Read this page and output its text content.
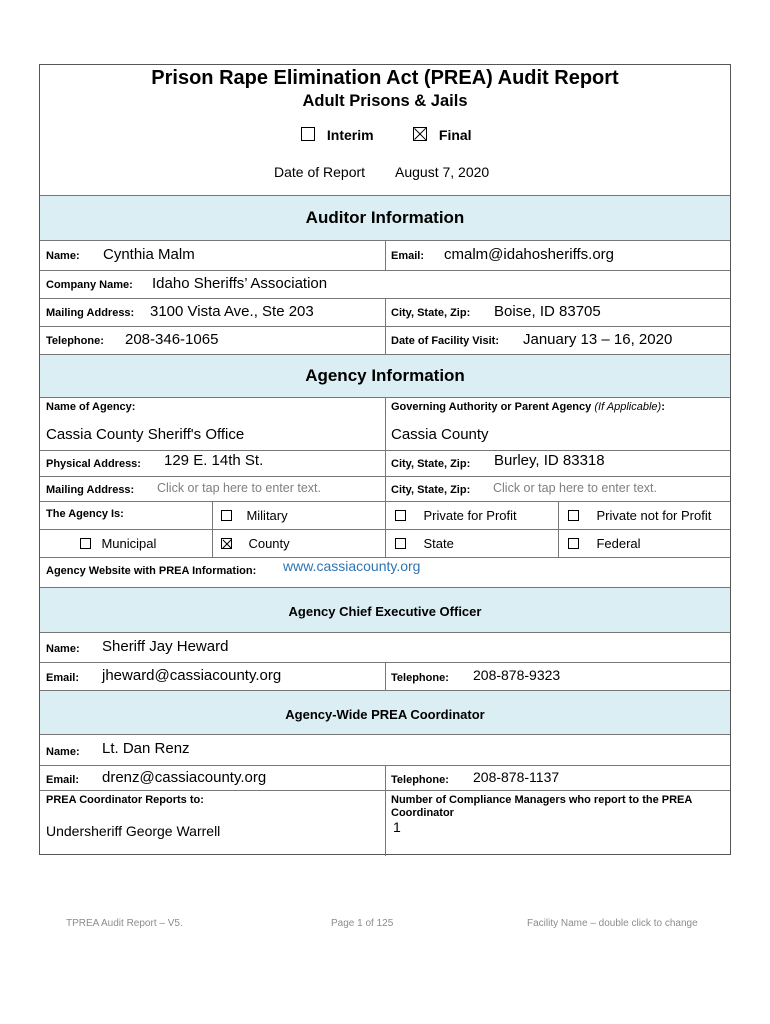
Prison Rape Elimination Act (PREA) Audit Report
Adult Prisons & Jails
Interim	Final
Date of Report August 7, 2020
Auditor Information
Name: Cynthia Malm	Email: cmalm@idahosheriffs.org
Company Name: Idaho Sheriffs’ Association
Mailing Address: 3100 Vista Ave., Ste 203	City, State, Zip: Boise, ID 83705
Telephone: 208-346-1065	Date of Facility Visit: January 13 – 16, 2020
Agency Information
Name of Agency:
Cassia County Sheriff's Office
Governing Authority or Parent Agency (If Applicable):
Cassia County
Physical Address: 129 E. 14th St.	City, State, Zip: Burley, ID 83318
Mailing Address: Click or tap here to enter text.	City, State, Zip: Click or tap here to enter text.
The Agency Is:	Military	Private for Profit	Private not for Profit
Municipal	County	State	Federal
Agency Website with PREA Information: www.cassiacounty.org
Agency Chief Executive Officer
Name: Sheriff Jay Heward
Email: jheward@cassiacounty.org	Telephone: 208-878-9323
Agency-Wide PREA Coordinator
Name: Lt. Dan Renz
Email: drenz@cassiacounty.org	Telephone: 208-878-1137
PREA Coordinator Reports to:
Undersheriff George Warrell
Number of Compliance Managers who report to the PREA
Coordinator
1
TPREA Audit Report – V5.	Page 1 of 125	Facility Name – double click to change
